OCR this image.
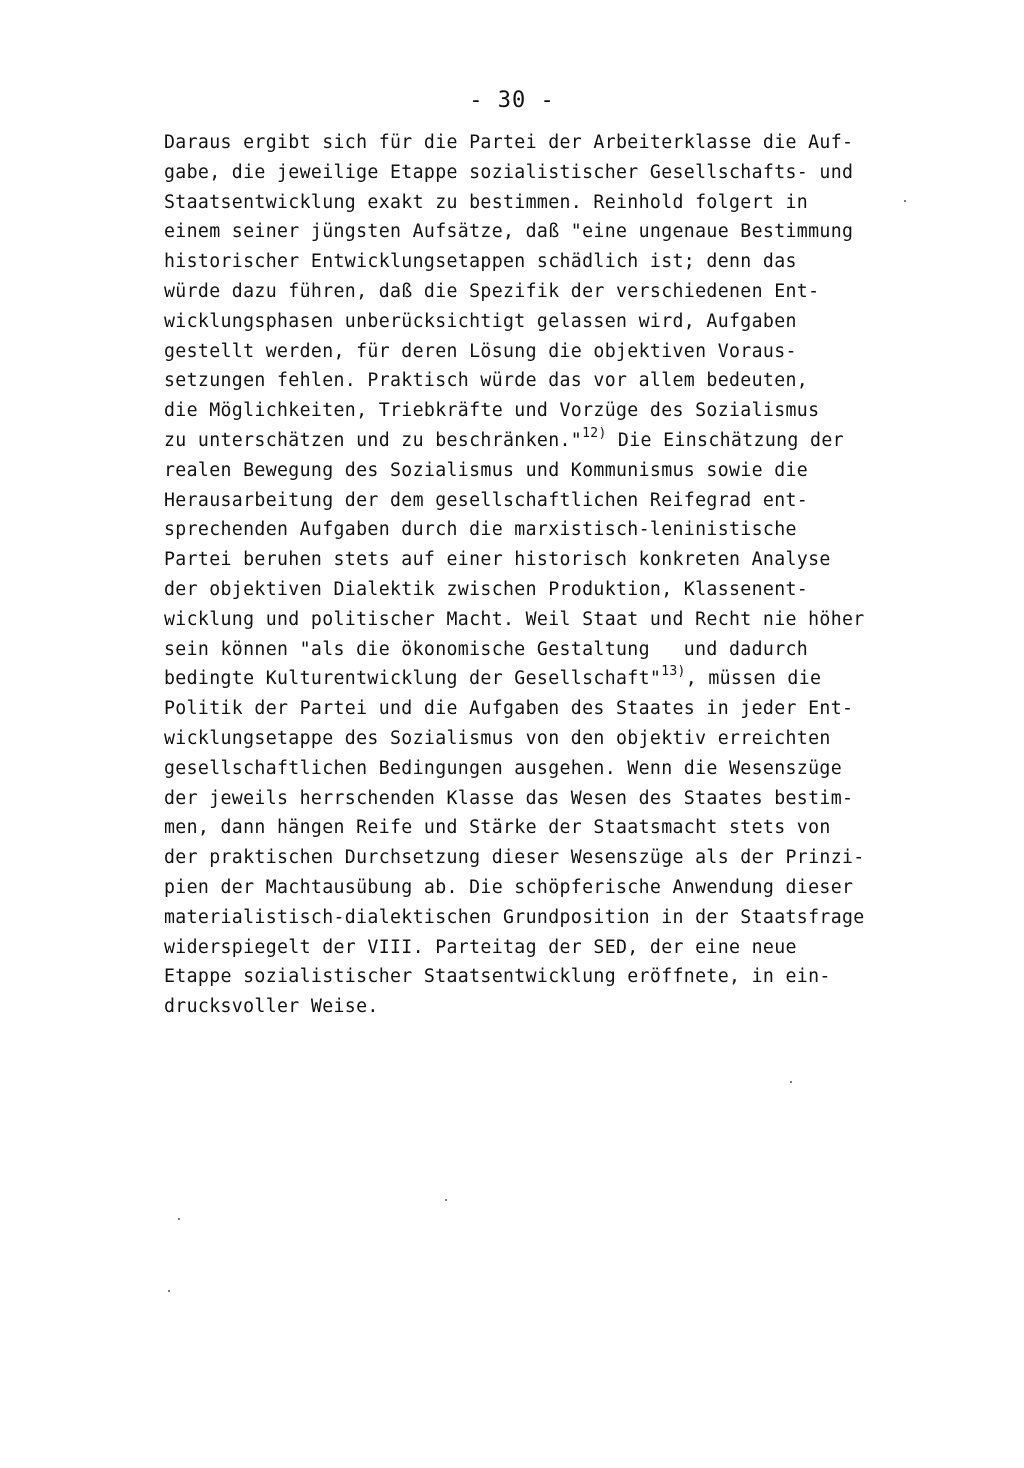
- 30 -
Daraus ergibt sich für die Partei der Arbeiterklasse die Auf-
gabe, die jeweilige Etappe sozialistischer Gesellschafts- und
Staatsentwicklung exakt zu bestimmen. Reinhold folgert in
einem seiner jüngsten Aufsätze, daß "eine ungenaue Bestimmung
historischer Entwicklungsetappen schädlich ist; denn das
würde dazu führen, daß die Spezifik der verschiedenen Ent-
wicklungsphasen unberücksichtigt gelassen wird, Aufgaben
gestellt werden, für deren Lösung die objektiven Voraus-
setzungen fehlen. Praktisch würde das vor allem bedeuten,
die Möglichkeiten, Triebkräfte und Vorzüge des Sozialismus
zu unterschätzen und zu beschränken."$^{12)}$ Die Einschätzung der
realen Bewegung des Sozialismus und Kommunismus sowie die
Herausarbeitung der dem gesellschaftlichen Reifegrad ent-
sprechenden Aufgaben durch die marxistisch-leninistische
Partei beruhen stets auf einer historisch konkreten Analyse
der objektiven Dialektik zwischen Produktion, Klassenent-
wicklung und politischer Macht. Weil Staat und Recht nie höher
sein können "als die ökonomische Gestaltung   und dadurch
bedingte Kulturentwicklung der Gesellschaft"$^{13)}$, müssen die
Politik der Partei und die Aufgaben des Staates in jeder Ent-
wicklungsetappe des Sozialismus von den objektiv erreichten
gesellschaftlichen Bedingungen ausgehen. Wenn die Wesenszüge
der jeweils herrschenden Klasse das Wesen des Staates bestim-
men, dann hängen Reife und Stärke der Staatsmacht stets von
der praktischen Durchsetzung dieser Wesenszüge als der Prinzi-
pien der Machtausübung ab. Die schöpferische Anwendung dieser
materialistisch-dialektischen Grundposition in der Staatsfrage
widerspiegelt der VIII. Parteitag der SED, der eine neue
Etappe sozialistischer Staatsentwicklung eröffnete, in ein-
drucksvoller Weise.
